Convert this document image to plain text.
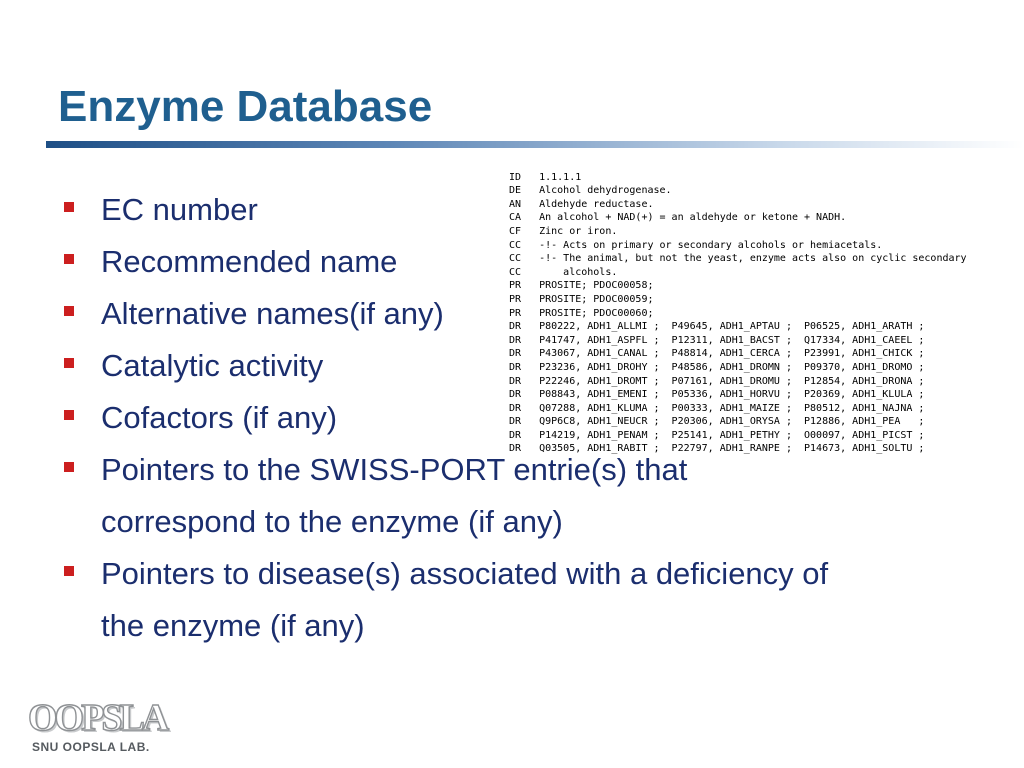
Enzyme Database
EC number
Recommended name
Alternative names(if any)
Catalytic activity
Cofactors (if any)
Pointers to the SWISS-PORT entrie(s) that
correspond to the enzyme (if any)
Pointers to disease(s) associated with a deficiency of
the enzyme (if any)

ID   1.1.1.1
DE   Alcohol dehydrogenase.
AN   Aldehyde reductase.
CA   An alcohol + NAD(+) = an aldehyde or ketone + NADH.
CF   Zinc or iron.
CC   -!- Acts on primary or secondary alcohols or hemiacetals.
CC   -!- The animal, but not the yeast, enzyme acts also on cyclic secondary
CC       alcohols.
PR   PROSITE; PDOC00058;
PR   PROSITE; PDOC00059;
PR   PROSITE; PDOC00060;
DR   P80222, ADH1_ALLMI ;  P49645, ADH1_APTAU ;  P06525, ADH1_ARATH ;
DR   P41747, ADH1_ASPFL ;  P12311, ADH1_BACST ;  Q17334, ADH1_CAEEL ;
DR   P43067, ADH1_CANAL ;  P48814, ADH1_CERCA ;  P23991, ADH1_CHICK ;
DR   P23236, ADH1_DROHY ;  P48586, ADH1_DROMN ;  P09370, ADH1_DROMO ;
DR   P22246, ADH1_DROMT ;  P07161, ADH1_DROMU ;  P12854, ADH1_DRONA ;
DR   P08843, ADH1_EMENI ;  P05336, ADH1_HORVU ;  P20369, ADH1_KLULA ;
DR   Q07288, ADH1_KLUMA ;  P00333, ADH1_MAIZE ;  P80512, ADH1_NAJNA ;
DR   Q9P6C8, ADH1_NEUCR ;  P20306, ADH1_ORYSA ;  P12886, ADH1_PEA   ;
DR   P14219, ADH1_PENAM ;  P25141, ADH1_PETHY ;  O00097, ADH1_PICST ;
DR   Q03505, ADH1_RABIT ;  P22797, ADH1_RANPE ;  P14673, ADH1_SOLTU ;

OOPSLA
SNU OOPSLA LAB.
